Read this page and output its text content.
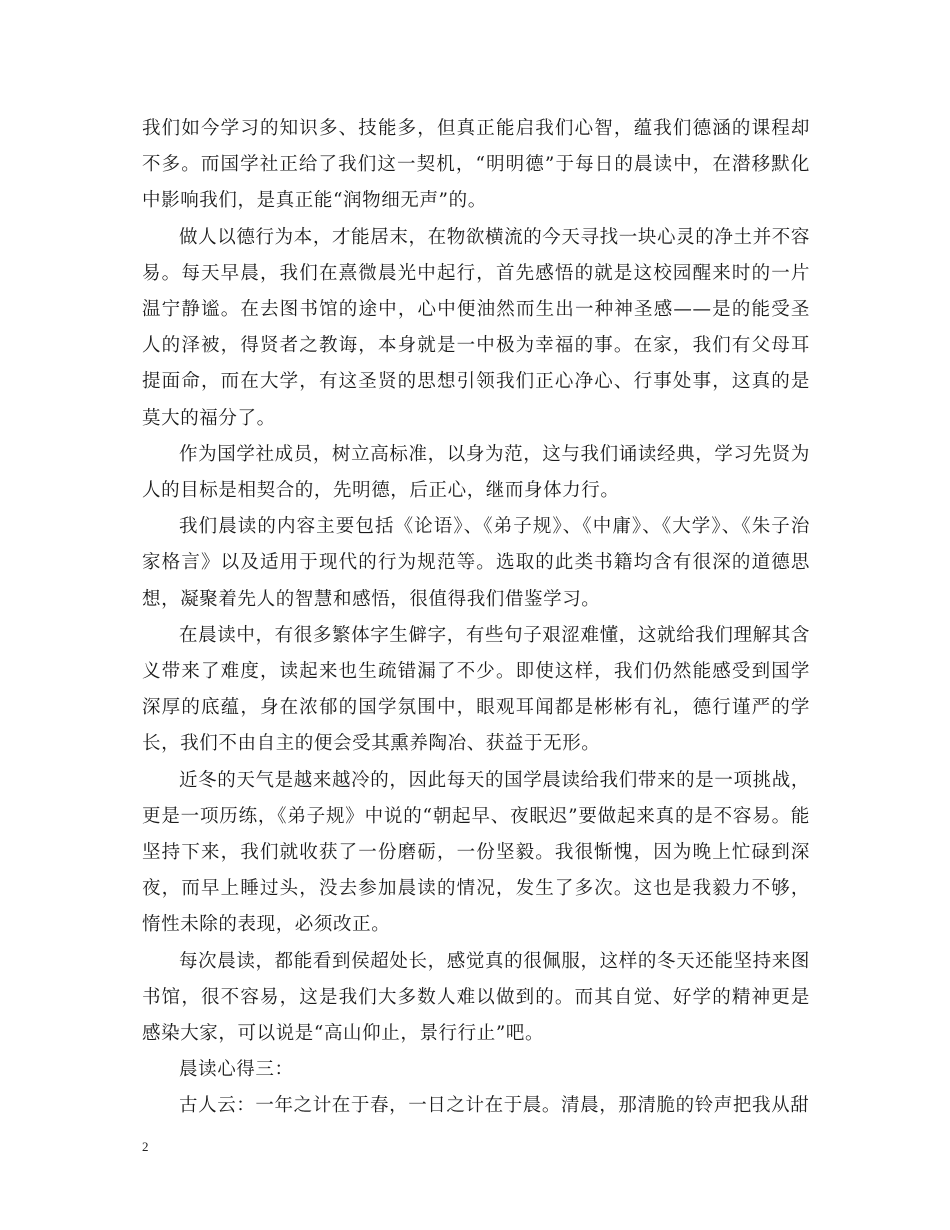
我们如今学习的知识多、技能多，但真正能启我们心智，蕴我们德涵的课程却不多。而国学社正给了我们这一契机，“明明德”于每日的晨读中，在潜移默化中影响我们，是真正能“润物细无声”的。

做人以德行为本，才能居末，在物欲横流的今天寻找一块心灵的净土并不容易。每天早晨，我们在熹微晨光中起行，首先感悟的就是这校园醒来时的一片温宁静谧。在去图书馆的途中，心中便油然而生出一种神圣感——是的能受圣人的泽被，得贤者之教诲，本身就是一中极为幸福的事。在家，我们有父母耳提面命，而在大学，有这圣贤的思想引领我们正心净心、行事处事，这真的是莫大的福分了。

作为国学社成员，树立高标准，以身为范，这与我们诵读经典，学习先贤为人的目标是相契合的，先明德，后正心，继而身体力行。

我们晨读的内容主要包括《论语》、《弟子规》、《中庸》、《大学》、《朱子治家格言》以及适用于现代的行为规范等。选取的此类书籍均含有很深的道德思想，凝聚着先人的智慧和感悟，很值得我们借鉴学习。

在晨读中，有很多繁体字生僻字，有些句子艰涩难懂，这就给我们理解其含义带来了难度，读起来也生疏错漏了不少。即使这样，我们仍然能感受到国学深厚的底蕴，身在浓郁的国学氛围中，眼观耳闻都是彬彬有礼，德行谨严的学长，我们不由自主的便会受其熏养陶冶、获益于无形。

近冬的天气是越来越冷的，因此每天的国学晨读给我们带来的是一项挑战，更是一项历练，《弟子规》中说的“朝起早、夜眠迟”要做起来真的是不容易。能坚持下来，我们就收获了一份磨砺，一份坚毅。我很惭愧，因为晚上忙碌到深夜，而早上睡过头，没去参加晨读的情况，发生了多次。这也是我毅力不够，惰性未除的表现，必须改正。

每次晨读，都能看到侯超处长，感觉真的很佩服，这样的冬天还能坚持来图书馆，很不容易，这是我们大多数人难以做到的。而其自觉、好学的精神更是感染大家，可以说是“高山仰止，景行行止”吧。

晨读心得三：

古人云：一年之计在于春，一日之计在于晨。清晨，那清脆的铃声把我从甜

2
